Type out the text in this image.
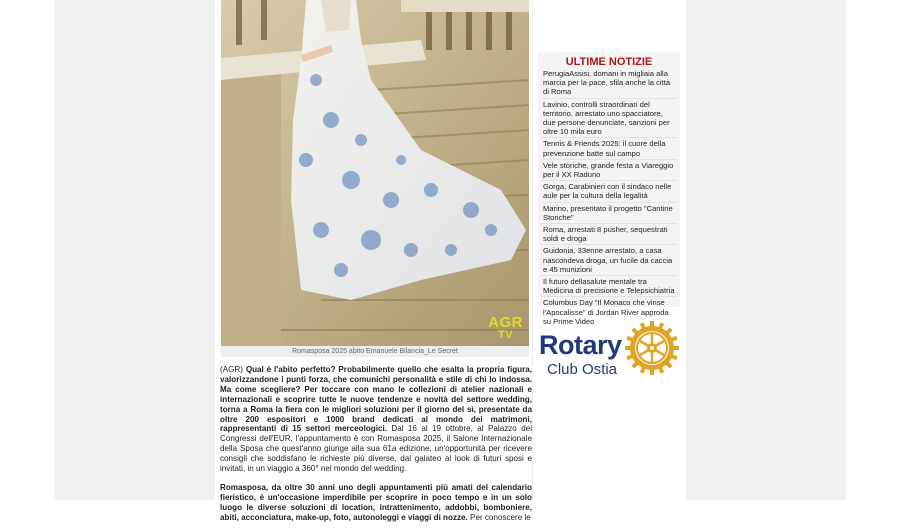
AGR
TV
Romasposa 2025 abito Emanuele Bilancia_Le Secret

(AGR) Qual è l'abito perfetto? Probabilmente quello che esalta la propria figura, valorizzandone i punti forza, che comunichi personalità e stile di chi lo indossa. Ma come scegliere? Per toccare con mano le collezioni di atelier nazionali e internazionali e scoprire tutte le nuove tendenze e novità del settore wedding, torna a Roma la fiera con le migliori soluzioni per il giorno del sì, presentate da oltre 200 espositori e 1000 brand dedicati al mondo dei matrimoni, rappresentanti di 15 settori merceologici. Dal 16 al 19 ottobre, al Palazzo dei Congressi dell'EUR, l'appuntamento è con Romasposa 2025, il Salone Internazionale della Sposa che quest'anno giunge alla sua 61a edizione, un'opportunità per ricevere consigli che soddisfano le richieste più diverse, dal galateo al look di futuri sposi e invitati, in un viaggio a 360° nel mondo del wedding.

Romasposa, da oltre 30 anni uno degli appuntamenti più amati del calendario fieristico, è un'occasione imperdibile per scoprire in poco tempo e in un solo luogo le diverse soluzioni di location, intrattenimento, addobbi, bomboniere, abiti, acconciatura, make-up, foto, autonoleggi e viaggi di nozze. Per conoscere le

ULTIME NOTIZIE
PerugiaAssisi, domani in migliaia alla marcia per la pace, sfila anche la città di Roma
Lavinio, controlli straordinari del territorio, arrestato uno spacciatore, due persone denunciate, sanzioni per oltre 10 mila euro
Tennis & Friends 2025: il cuore della prevenzione batte sul campo
Vele storiche, grande festa a Viareggio per il XX Raduno
Gorga, Carabinieri con il sindaco nelle aule per la cultura della legalità
Marino, presentato il progetto "Cantine Storiche"
Roma, arrestati 8 pusher, sequestrati soldi e droga
Guidonia, 33enne arrestato, a casa nascondeva droga, un fucile da caccia e 45 munizioni
Il futuro dellasalute mentale tra Medicina di precisione e Telepsichiatria
Columbus Day "Il Monaco che vinse l'Apocalisse" di Jordan River approda su Prime Video
Rotary
Club Ostia
